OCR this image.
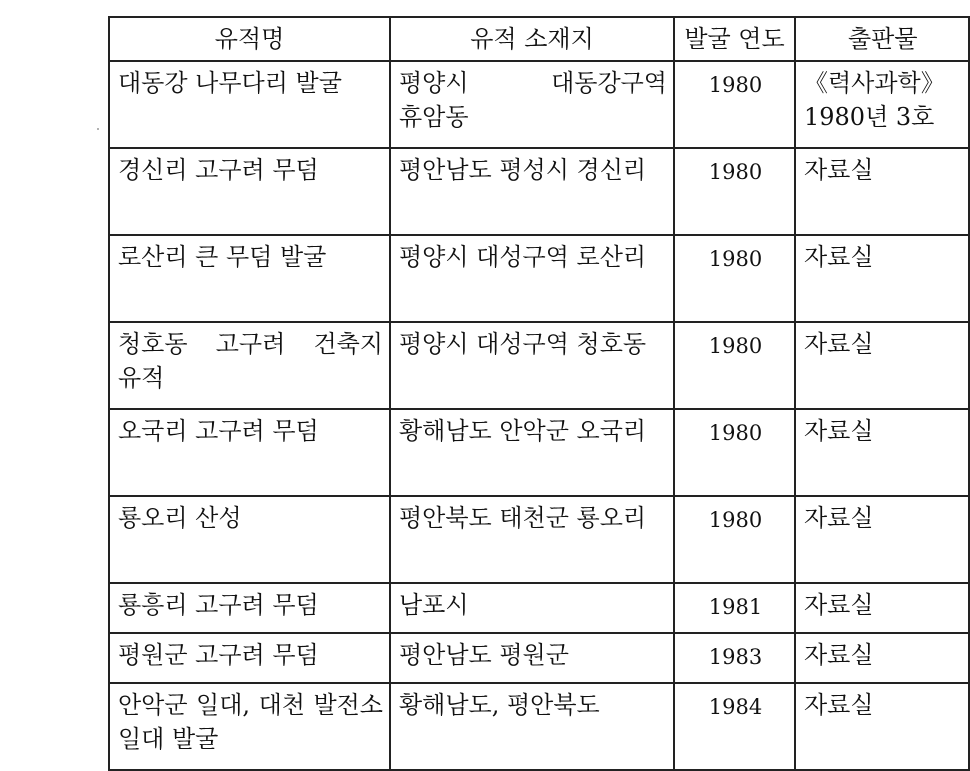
유적명	유적 소재지	발굴 연도	출판물
대동강 나무다리 발굴	평양시 대동강구역 휴암동	1980	《력사과학》 1980년 3호
경신리 고구려 무덤	평안남도 평성시 경신리	1980	자료실
로산리 큰 무덤 발굴	평양시 대성구역 로산리	1980	자료실
청호동 고구려 건축지 유적	평양시 대성구역 청호동	1980	자료실
오국리 고구려 무덤	황해남도 안악군 오국리	1980	자료실
룡오리 산성	평안북도 태천군 룡오리	1980	자료실
룡흥리 고구려 무덤	남포시	1981	자료실
평원군 고구려 무덤	평안남도 평원군	1983	자료실
안악군 일대, 대천 발전소 일대 발굴	황해남도, 평안북도	1984	자료실
